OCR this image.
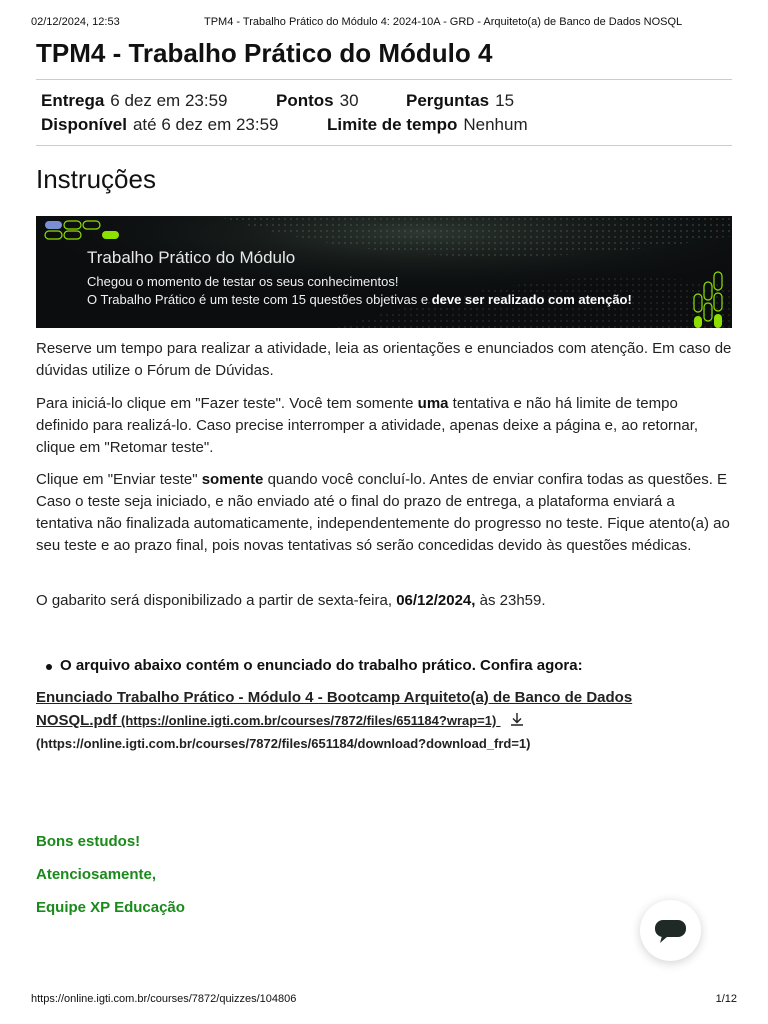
02/12/2024, 12:53	TPM4 - Trabalho Prático do Módulo 4: 2024-10A - GRD - Arquiteto(a) de Banco de Dados NOSQL
TPM4 - Trabalho Prático do Módulo 4
Entrega 6 dez em 23:59	Pontos 30	Perguntas 15
Disponível até 6 dez em 23:59	Limite de tempo Nenhum
Instruções
Trabalho Prático do Módulo
Chegou o momento de testar os seus conhecimentos!
O Trabalho Prático é um teste com 15 questões objetivas e deve ser realizado com atenção!

Reserve um tempo para realizar a atividade, leia as orientações e enunciados com atenção. Em caso de dúvidas utilize o Fórum de Dúvidas.

Para iniciá-lo clique em "Fazer teste". Você tem somente uma tentativa e não há limite de tempo definido para realizá-lo. Caso precise interromper a atividade, apenas deixe a página e, ao retornar, clique em "Retomar teste".

Clique em "Enviar teste" somente quando você concluí-lo. Antes de enviar confira todas as questões. E Caso o teste seja iniciado, e não enviado até o final do prazo de entrega, a plataforma enviará a tentativa não finalizada automaticamente, independentemente do progresso no teste. Fique atento(a) ao seu teste e ao prazo final, pois novas tentativas só serão concedidas devido às questões médicas.

O gabarito será disponibilizado a partir de sexta-feira, 06/12/2024, às 23h59.

O arquivo abaixo contém o enunciado do trabalho prático. Confira agora:
Enunciado Trabalho Prático - Módulo 4 - Bootcamp Arquiteto(a) de Banco de Dados
NOSQL.pdf (https://online.igti.com.br/courses/7872/files/651184?wrap=1)
(https://online.igti.com.br/courses/7872/files/651184/download?download_frd=1)
Bons estudos!
Atenciosamente,
Equipe XP Educação
https://online.igti.com.br/courses/7872/quizzes/104806	1/12
